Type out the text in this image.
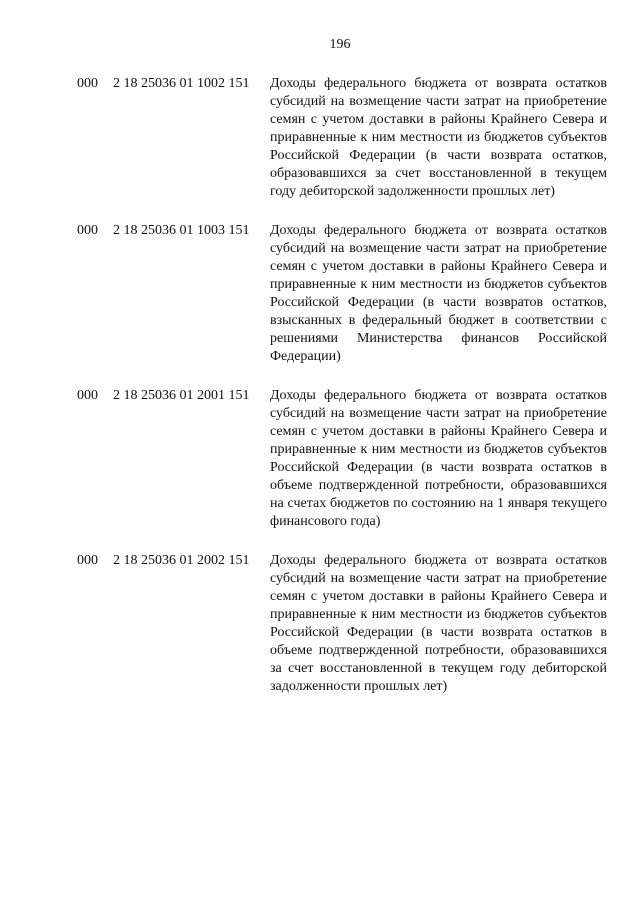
196
000 2 18 25036 01 1002 151 Доходы федерального бюджета от возврата остатков субсидий на возмещение части затрат на приобретение семян с учетом доставки в районы Крайнего Севера и приравненные к ним местности из бюджетов субъектов Российской Федерации (в части возврата остатков, образовавшихся за счет восстановленной в текущем году дебиторской задолженности прошлых лет)
000 2 18 25036 01 1003 151 Доходы федерального бюджета от возврата остатков субсидий на возмещение части затрат на приобретение семян с учетом доставки в районы Крайнего Севера и приравненные к ним местности из бюджетов субъектов Российской Федерации (в части возвратов остатков, взысканных в федеральный бюджет в соответствии с решениями Министерства финансов Российской Федерации)
000 2 18 25036 01 2001 151 Доходы федерального бюджета от возврата остатков субсидий на возмещение части затрат на приобретение семян с учетом доставки в районы Крайнего Севера и приравненные к ним местности из бюджетов субъектов Российской Федерации (в части возврата остатков в объеме подтвержденной потребности, образовавшихся на счетах бюджетов по состоянию на 1 января текущего финансового года)
000 2 18 25036 01 2002 151 Доходы федерального бюджета от возврата остатков субсидий на возмещение части затрат на приобретение семян с учетом доставки в районы Крайнего Севера и приравненные к ним местности из бюджетов субъектов Российской Федерации (в части возврата остатков в объеме подтвержденной потребности, образовавшихся за счет восстановленной в текущем году дебиторской задолженности прошлых лет)
